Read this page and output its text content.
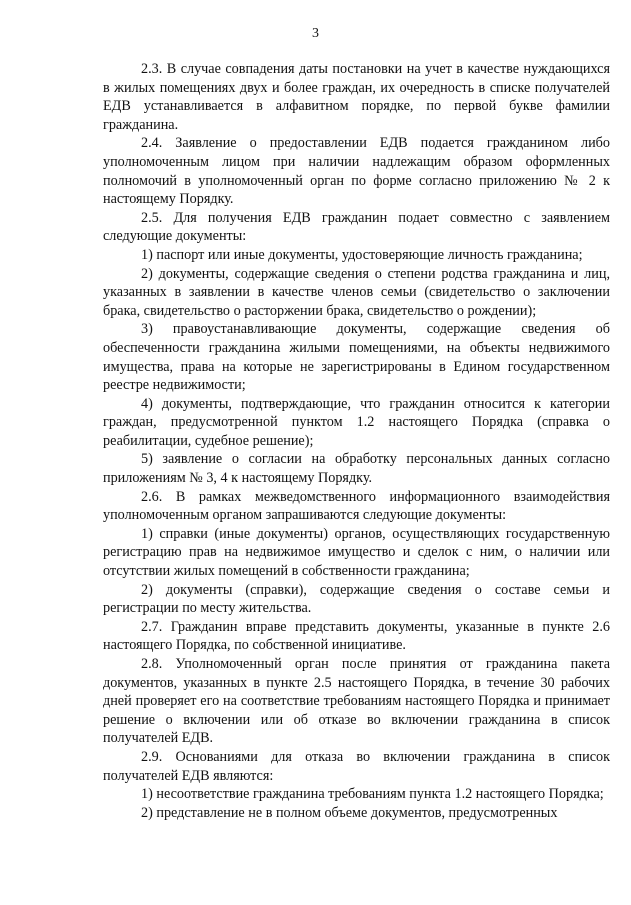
3

2.3. В случае совпадения даты постановки на учет в качестве нуждающихся в жилых помещениях двух и более граждан, их очередность в списке получателей ЕДВ устанавливается в алфавитном порядке, по первой букве фамилии гражданина.

2.4. Заявление о предоставлении ЕДВ подается гражданином либо уполномоченным лицом при наличии надлежащим образом оформленных полномочий в уполномоченный орган по форме согласно приложению № 2 к настоящему Порядку.

2.5. Для получения ЕДВ гражданин подает совместно с заявлением следующие документы:

1) паспорт или иные документы, удостоверяющие личность гражданина;

2) документы, содержащие сведения о степени родства гражданина и лиц, указанных в заявлении в качестве членов семьи (свидетельство о заключении брака, свидетельство о расторжении брака, свидетельство о рождении);

3) правоустанавливающие документы, содержащие сведения об обеспеченности гражданина жилыми помещениями, на объекты недвижимого имущества, права на которые не зарегистрированы в Едином государственном реестре недвижимости;

4) документы, подтверждающие, что гражданин относится к категории граждан, предусмотренной пунктом 1.2 настоящего Порядка (справка о реабилитации, судебное решение);

5) заявление о согласии на обработку персональных данных согласно приложениям № 3, 4 к настоящему Порядку.

2.6. В рамках межведомственного информационного взаимодействия уполномоченным органом запрашиваются следующие документы:

1) справки (иные документы) органов, осуществляющих государственную регистрацию прав на недвижимое имущество и сделок с ним, о наличии или отсутствии жилых помещений в собственности гражданина;

2) документы (справки), содержащие сведения о составе семьи и регистрации по месту жительства.

2.7. Гражданин вправе представить документы, указанные в пункте 2.6 настоящего Порядка, по собственной инициативе.

2.8. Уполномоченный орган после принятия от гражданина пакета документов, указанных в пункте 2.5 настоящего Порядка, в течение 30 рабочих дней проверяет его на соответствие требованиям настоящего Порядка и принимает решение о включении или об отказе во включении гражданина в список получателей ЕДВ.

2.9. Основаниями для отказа во включении гражданина в список получателей ЕДВ являются:

1) несоответствие гражданина требованиям пункта 1.2 настоящего Порядка;

2) представление не в полном объеме документов, предусмотренных
